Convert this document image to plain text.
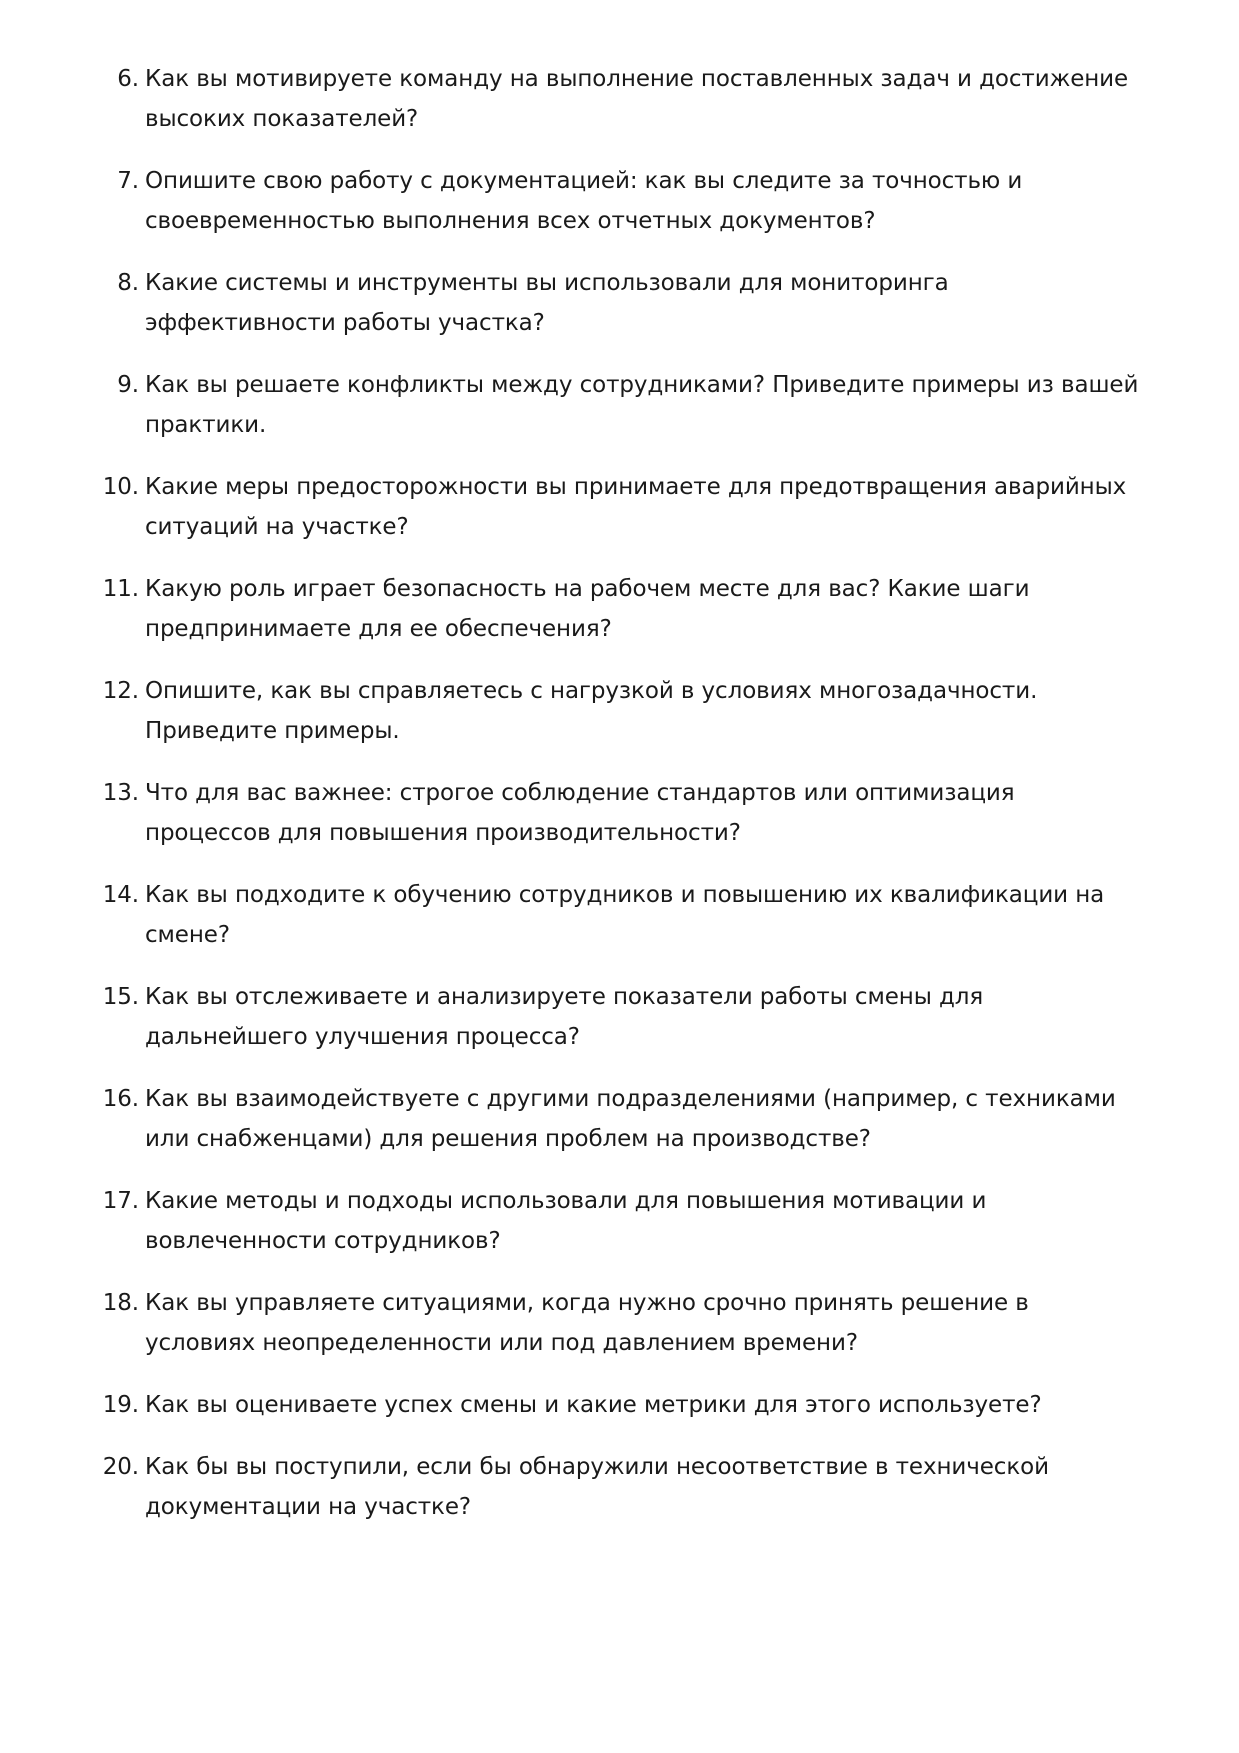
6. Как вы мотивируете команду на выполнение поставленных задач и достижение высоких показателей?
7. Опишите свою работу с документацией: как вы следите за точностью и своевременностью выполнения всех отчетных документов?
8. Какие системы и инструменты вы использовали для мониторинга эффективности работы участка?
9. Как вы решаете конфликты между сотрудниками? Приведите примеры из вашей практики.
10. Какие меры предосторожности вы принимаете для предотвращения аварийных ситуаций на участке?
11. Какую роль играет безопасность на рабочем месте для вас? Какие шаги предпринимаете для ее обеспечения?
12. Опишите, как вы справляетесь с нагрузкой в условиях многозадачности. Приведите примеры.
13. Что для вас важнее: строгое соблюдение стандартов или оптимизация процессов для повышения производительности?
14. Как вы подходите к обучению сотрудников и повышению их квалификации на смене?
15. Как вы отслеживаете и анализируете показатели работы смены для дальнейшего улучшения процесса?
16. Как вы взаимодействуете с другими подразделениями (например, с техниками или снабженцами) для решения проблем на производстве?
17. Какие методы и подходы использовали для повышения мотивации и вовлеченности сотрудников?
18. Как вы управляете ситуациями, когда нужно срочно принять решение в условиях неопределенности или под давлением времени?
19. Как вы оцениваете успех смены и какие метрики для этого используете?
20. Как бы вы поступили, если бы обнаружили несоответствие в технической документации на участке?
